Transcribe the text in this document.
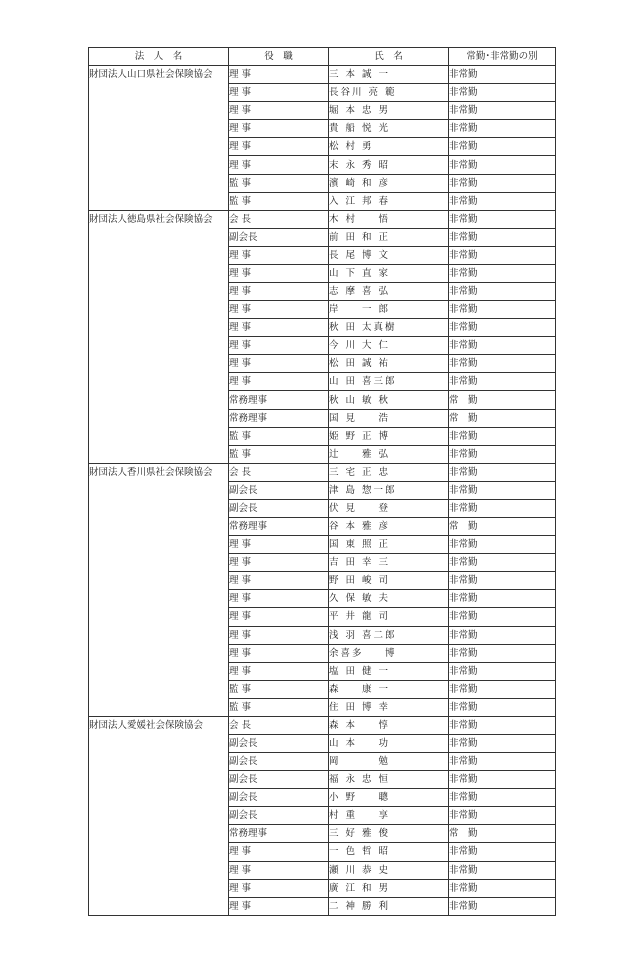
法　人　名	役　職	氏　名	常勤･非常勤の別
財団法人山口県社会保険協会	理 事	三 本 誠 一	非常勤
	理 事	長谷川 亮 範	非常勤
	理 事	堀 本 忠 男	非常勤
	理 事	貴 船 悦 光	非常勤
	理 事	松 村 勇	非常勤
	理 事	末 永 秀 昭	非常勤
	監 事	濱 崎 和 彦	非常勤
	監 事	入 江 邦 春	非常勤
財団法人徳島県社会保険協会	会 長	木 村 　 悟	非常勤
	副会長	前 田 和 正	非常勤
	理 事	長 尾 博 文	非常勤
	理 事	山 下 直 家	非常勤
	理 事	志 摩 喜 弘	非常勤
	理 事	岸 　 一 郎	非常勤
	理 事	秋 田 太真樹	非常勤
	理 事	今 川 大 仁	非常勤
	理 事	松 田 誠 祐	非常勤
	理 事	山 田 喜三郎	非常勤
	常務理事	秋 山 敏 秋	常　勤
	常務理事	国 見 　 浩	常　勤
	監 事	姫 野 正 博	非常勤
	監 事	辻 　 雅 弘	非常勤
財団法人香川県社会保険協会	会 長	三 宅 正 忠	非常勤
	副会長	津 島 惣一郎	非常勤
	副会長	伏 見 　 登	非常勤
	常務理事	谷 本 雅 彦	常　勤
	理 事	国 東 照 正	非常勤
	理 事	吉 田 幸 三	非常勤
	理 事	野 田 峻 司	非常勤
	理 事	久 保 敏 夫	非常勤
	理 事	平 井 龍 司	非常勤
	理 事	浅 羽 喜二郎	非常勤
	理 事	余喜多 　 博	非常勤
	理 事	塩 田 健 一	非常勤
	監 事	森 　 康 一	非常勤
	監 事	住 田 博 幸	非常勤
財団法人愛媛社会保険協会	会 長	森 本 　 惇	非常勤
	副会長	山 本 　 功	非常勤
	副会長	岡 　 　 勉	非常勤
	副会長	福 永 忠 恒	非常勤
	副会長	小 野 　 聰	非常勤
	副会長	村 重 　 享	非常勤
	常務理事	三 好 雅 俊	常　勤
	理 事	一 色 哲 昭	非常勤
	理 事	瀬 川 恭 史	非常勤
	理 事	廣 江 和 男	非常勤
	理 事	二 神 勝 利	非常勤
